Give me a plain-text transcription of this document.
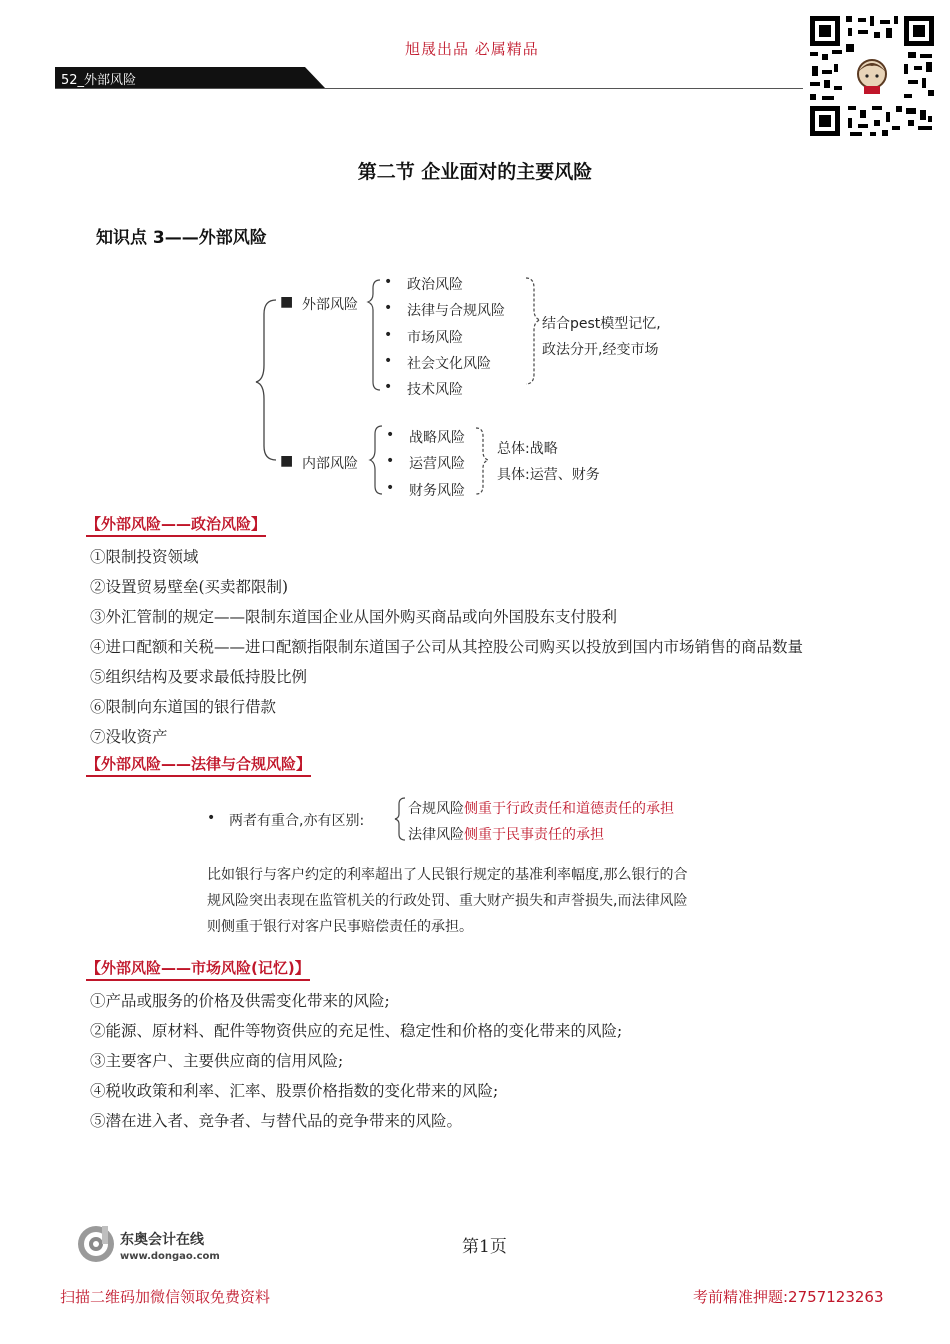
旭晟出品 必属精品
52_外部风险
第二节 企业面对的主要风险
知识点 3——外部风险
■ 外部风险
• 政治风险
• 法律与合规风险
• 市场风险
• 社会文化风险
• 技术风险
结合pest模型记忆,
政法分开,经变市场
■ 内部风险
• 战略风险
• 运营风险
• 财务风险
总体:战略
具体:运营、财务
【外部风险——政治风险】
①限制投资领域
②设置贸易壁垒(买卖都限制)
③外汇管制的规定——限制东道国企业从国外购买商品或向外国股东支付股利
④进口配额和关税——进口配额指限制东道国子公司从其控股公司购买以投放到国内市场销售的商品数量
⑤组织结构及要求最低持股比例
⑥限制向东道国的银行借款
⑦没收资产
【外部风险——法律与合规风险】
• 两者有重合,亦有区别:
合规风险侧重于行政责任和道德责任的承担
法律风险侧重于民事责任的承担
比如银行与客户约定的利率超出了人民银行规定的基准利率幅度,那么银行的合
规风险突出表现在监管机关的行政处罚、重大财产损失和声誉损失,而法律风险
则侧重于银行对客户民事赔偿责任的承担。
【外部风险——市场风险(记忆)】
①产品或服务的价格及供需变化带来的风险;
②能源、原材料、配件等物资供应的充足性、稳定性和价格的变化带来的风险;
③主要客户、主要供应商的信用风险;
④税收政策和利率、汇率、股票价格指数的变化带来的风险;
⑤潜在进入者、竞争者、与替代品的竞争带来的风险。
东奥会计在线
www.dongao.com	第1页
扫描二维码加微信领取免费资料	考前精准押题:2757123263
